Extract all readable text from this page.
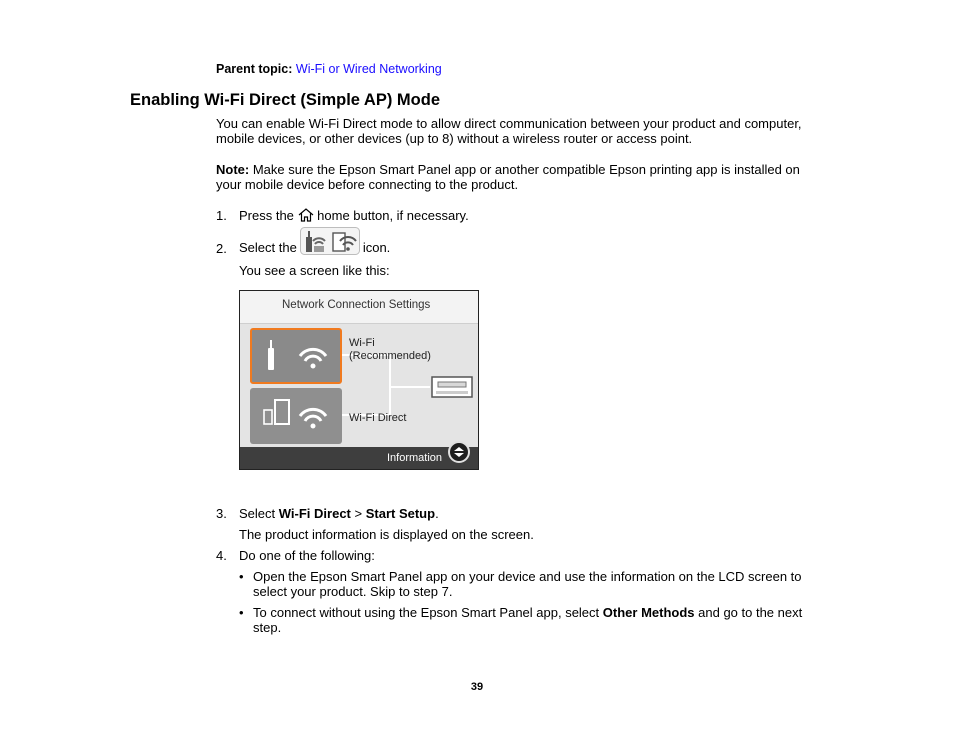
Parent topic: Wi-Fi or Wired Networking
Enabling Wi-Fi Direct (Simple AP) Mode
You can enable Wi-Fi Direct mode to allow direct communication between your product and computer,
mobile devices, or other devices (up to 8) without a wireless router or access point.
Note: Make sure the Epson Smart Panel app or another compatible Epson printing app is installed on
your mobile device before connecting to the product.
1. Press the home button, if necessary.
2. Select the	icon.
You see a screen like this:
Network Connection Settings
Wi-Fi
(Recommended)
Wi-Fi Direct
Information
3. Select Wi-Fi Direct > Start Setup.
The product information is displayed on the screen.
4. Do one of the following:
• Open the Epson Smart Panel app on your device and use the information on the LCD screen to
select your product. Skip to step 7.
• To connect without using the Epson Smart Panel app, select Other Methods and go to the next
step.
39
